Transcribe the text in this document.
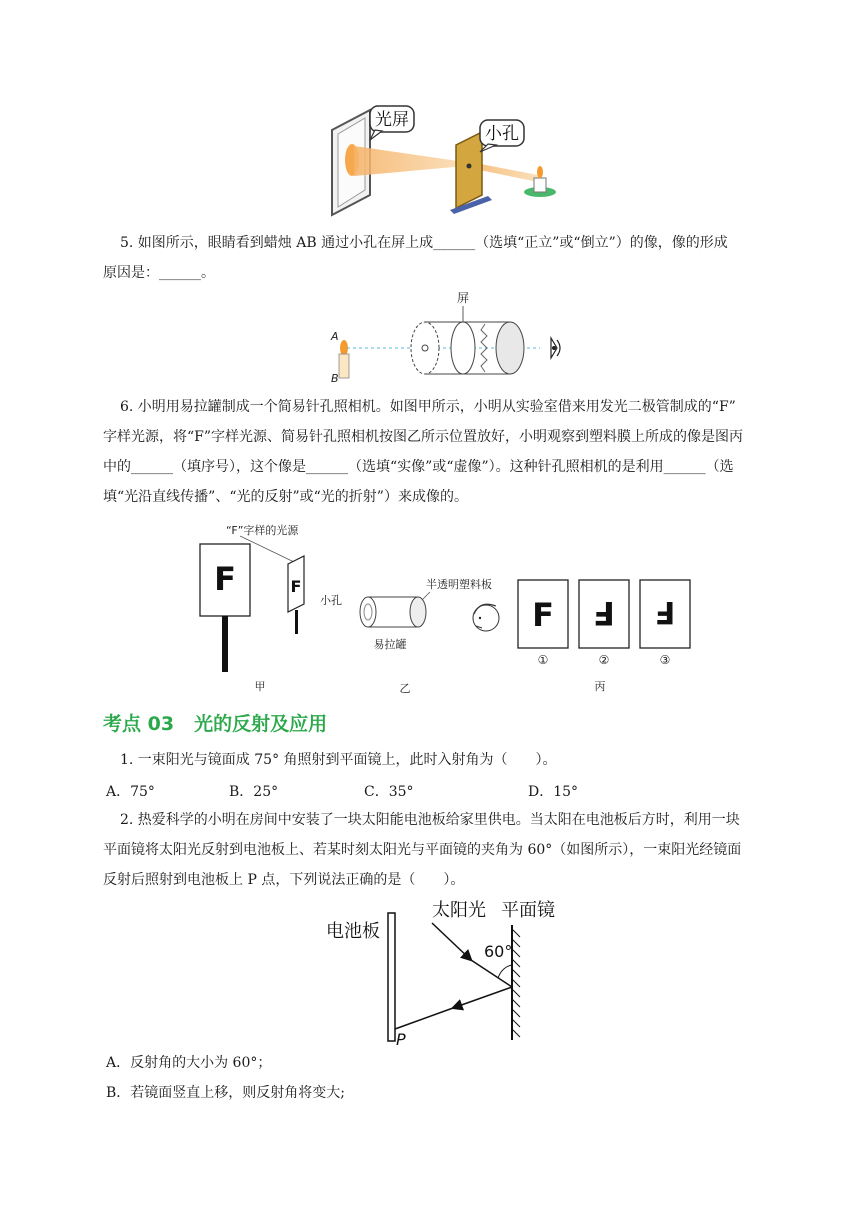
光屏
小孔
5. 如图所示，眼睛看到蜡烛 AB 通过小孔在屏上成______（选填“正立”或“倒立”）的像，像的形成
原因是：______。
屏
A
B
6. 小明用易拉罐制成一个简易针孔照相机。如图甲所示，小明从实验室借来用发光二极管制成的“F”
字样光源，将“F”字样光源、简易针孔照相机按图乙所示位置放好，小明观察到塑料膜上所成的像是图丙
中的______（填序号），这个像是______（选填“实像”或“虚像”）。这种针孔照相机的是利用______（选
填“光沿直线传播”、“光的反射”或“光的折射”）来成像的。
“F”字样的光源
F	F
小孔
易拉罐
半透明塑料板
F F F
①	②	③
甲	乙	丙
考点 03 光的反射及应用
1. 一束阳光与镜面成 75° 角照射到平面镜上，此时入射角为（　　）。
A．75°	B．25°	C．35°	D．15°
2. 热爱科学的小明在房间中安装了一块太阳能电池板给家里供电。当太阳在电池板后方时，利用一块
平面镜将太阳光反射到电池板上、若某时刻太阳光与平面镜的夹角为 60°（如图所示），一束阳光经镜面
反射后照射到电池板上 P 点，下列说法正确的是（　　）。
电池板
太阳光 平面镜
60°
P
A．反射角的大小为 60°；
B．若镜面竖直上移，则反射角将变大;
